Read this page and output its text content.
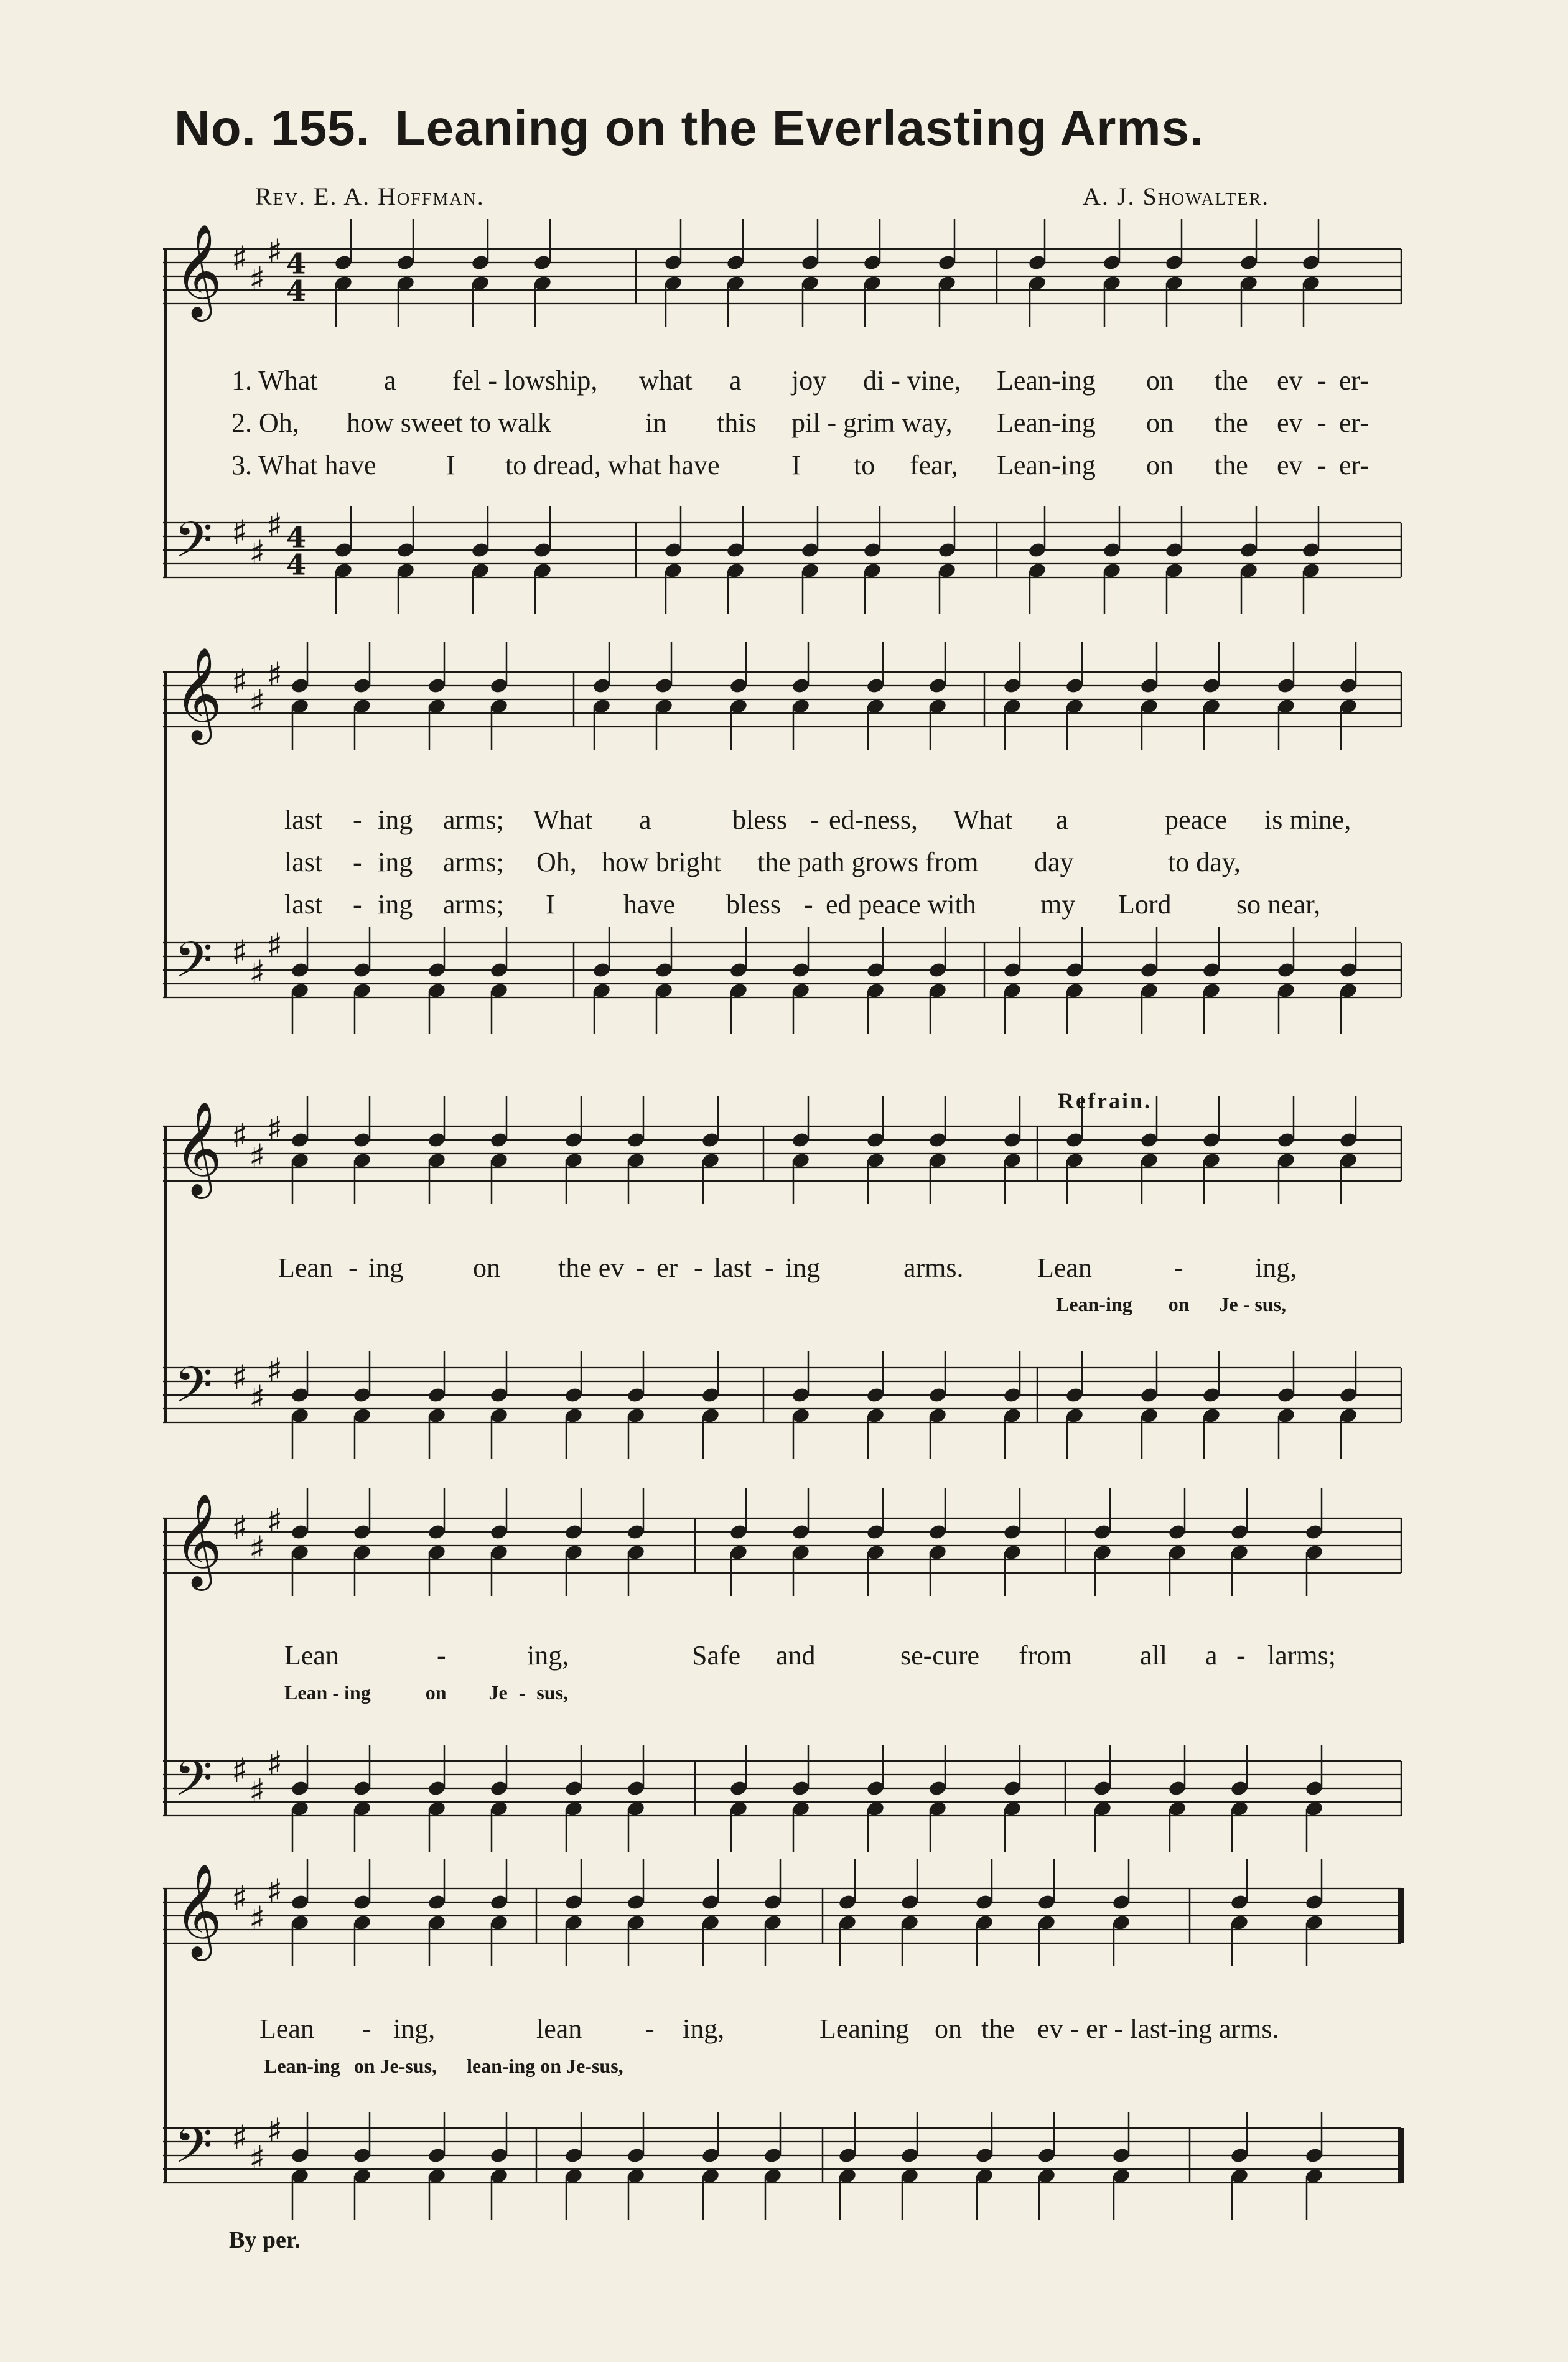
No. 155. Leaning on the Everlasting Arms.
Rev. E. A. Hoffman.	A. J. Showalter.
𝄞 ♯
♯
♯ 4
4
𝄢 ♯
♯
♯ 4
4
1. What a fel - lowship, what a joy di - vine, Lean-ing on the ev - er-
2. Oh, how sweet to walk	in this pil - grim way, Lean-ing on the ev - er-
3. What have	I to dread, what have	I to fear, Lean-ing on the ev - er-
𝄞 ♯
♯
♯
𝄢 ♯
♯
♯
last - ing arms; What a	bless - ed-ness, What a	peace is mine,
last - ing arms; Oh, how bright the path grows from day	to day,
last - ing arms; I	have bless - ed peace with my Lord so near,
Refrain.
𝄞 ♯
♯
♯
𝄢 ♯
♯
♯
Lean - ing	on the ev - er - last - ing	arms.	Lean	-	ing,
Lean-ing on Je - sus,
𝄞 ♯
♯
♯
𝄢 ♯
♯
♯
Lean	-	ing,	Safe and	se-cure from all a - larms;
Lean - ing	on Je - sus,
𝄞 ♯
♯
♯
𝄢 ♯
♯
♯
Lean - ing,	lean - ing,	Leaning on the ev - er - last-ing arms.
Lean-ing on Je-sus, lean-ing on Je-sus,
By per.
